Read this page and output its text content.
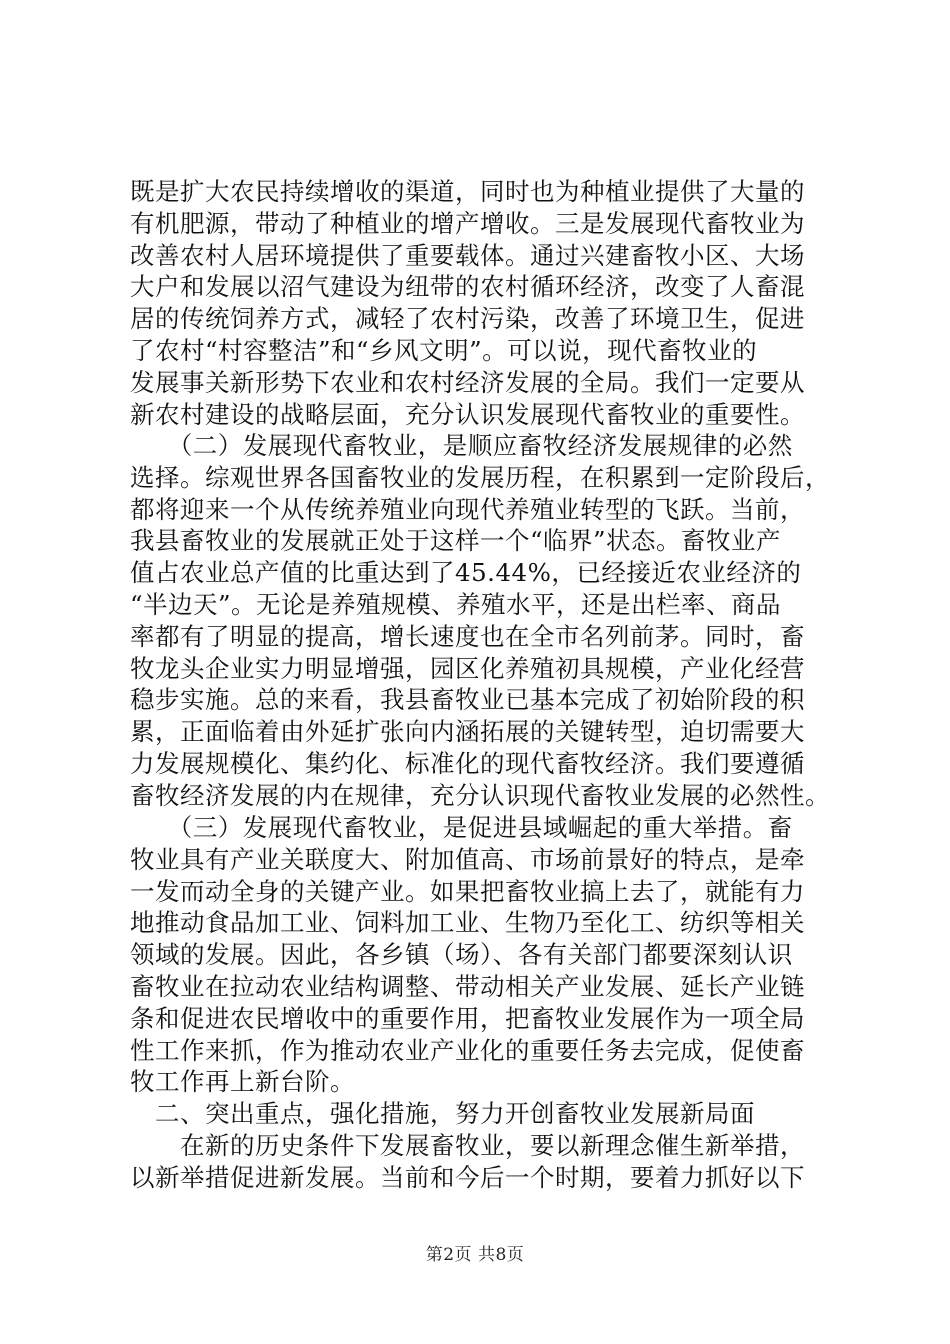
既是扩大农民持续增收的渠道，同时也为种植业提供了大量的
有机肥源，带动了种植业的增产增收。三是发展现代畜牧业为
改善农村人居环境提供了重要载体。通过兴建畜牧小区、大场
大户和发展以沼气建设为纽带的农村循环经济，改变了人畜混
居的传统饲养方式，减轻了农村污染，改善了环境卫生，促进
了农村“村容整洁”和“乡风文明”。可以说，现代畜牧业的
发展事关新形势下农业和农村经济发展的全局。我们一定要从
新农村建设的战略层面，充分认识发展现代畜牧业的重要性。
　　（二）发展现代畜牧业，是顺应畜牧经济发展规律的必然
选择。综观世界各国畜牧业的发展历程，在积累到一定阶段后，
都将迎来一个从传统养殖业向现代养殖业转型的飞跃。当前，
我县畜牧业的发展就正处于这样一个“临界”状态。畜牧业产
值占农业总产值的比重达到了45.44%，已经接近农业经济的
“半边天”。无论是养殖规模、养殖水平，还是出栏率、商品
率都有了明显的提高，增长速度也在全市名列前茅。同时，畜
牧龙头企业实力明显增强，园区化养殖初具规模，产业化经营
稳步实施。总的来看，我县畜牧业已基本完成了初始阶段的积
累，正面临着由外延扩张向内涵拓展的关键转型，迫切需要大
力发展规模化、集约化、标准化的现代畜牧经济。我们要遵循
畜牧经济发展的内在规律，充分认识现代畜牧业发展的必然性。
　　（三）发展现代畜牧业，是促进县域崛起的重大举措。畜
牧业具有产业关联度大、附加值高、市场前景好的特点，是牵
一发而动全身的关键产业。如果把畜牧业搞上去了，就能有力
地推动食品加工业、饲料加工业、生物乃至化工、纺织等相关
领域的发展。因此，各乡镇（场）、各有关部门都要深刻认识
畜牧业在拉动农业结构调整、带动相关产业发展、延长产业链
条和促进农民增收中的重要作用，把畜牧业发展作为一项全局
性工作来抓，作为推动农业产业化的重要任务去完成，促使畜
牧工作再上新台阶。
　二、突出重点，强化措施，努力开创畜牧业发展新局面
　　在新的历史条件下发展畜牧业，要以新理念催生新举措，
以新举措促进新发展。当前和今后一个时期，要着力抓好以下
第2页 共8页
